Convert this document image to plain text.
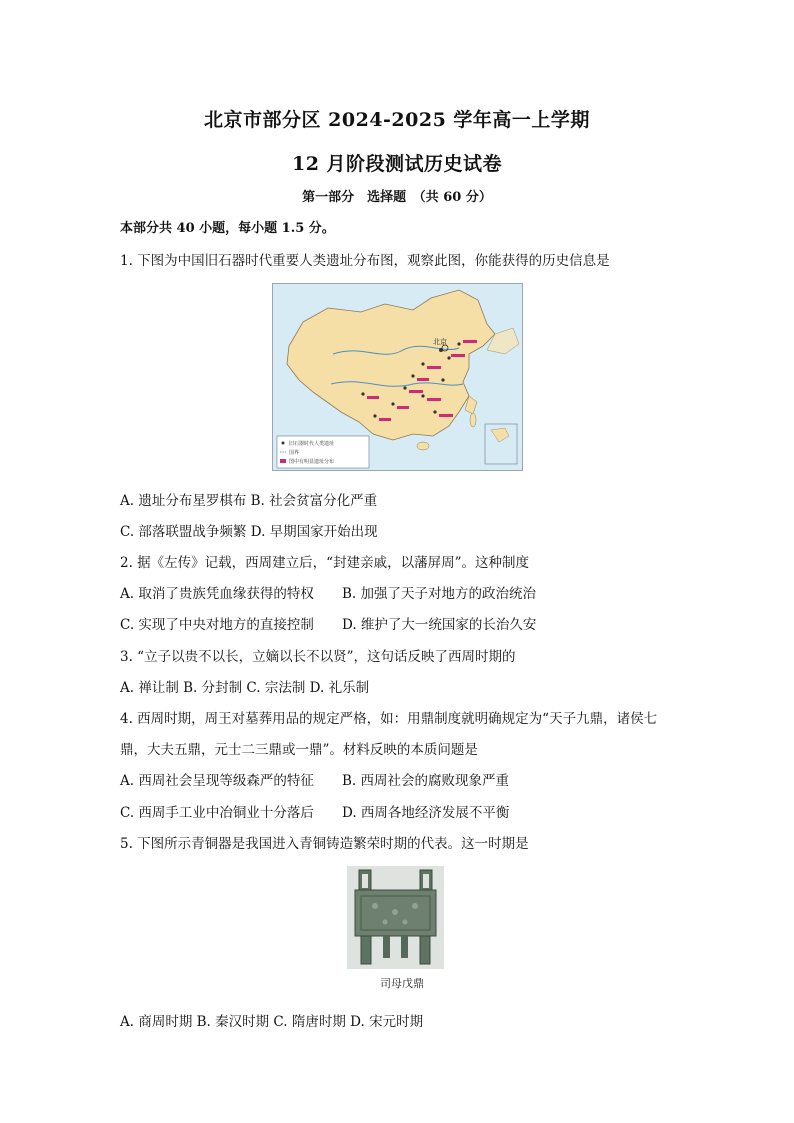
北京市部分区 2024-2025 学年高一上学期
12 月阶段测试历史试卷
第一部分　选择题　（共 60 分）
本部分共 40 小题，每小题 1.5 分。
1. 下图为中国旧石器时代重要人类遗址分布图，观察此图，你能获得的历史信息是
北京
旧石器时代人类遗址
国界
图中有明显遗址分布
A. 遗址分布星罗棋布 B. 社会贫富分化严重
C. 部落联盟战争频繁 D. 早期国家开始出现
2. 据《左传》记载，西周建立后，“封建亲戚，以藩屏周”。这种制度
A. 取消了贵族凭血缘获得的特权 B. 加强了天子对地方的政治统治
C. 实现了中央对地方的直接控制 D. 维护了大一统国家的长治久安
3. “立子以贵不以长，立嫡以长不以贤”，这句话反映了西周时期的
A. 禅让制 B. 分封制 C. 宗法制 D. 礼乐制
4. 西周时期，周王对墓葬用品的规定严格，如：用鼎制度就明确规定为“天子九鼎，诸侯七
鼎，大夫五鼎，元士二三鼎或一鼎”。材料反映的本质问题是
A. 西周社会呈现等级森严的特征 B. 西周社会的腐败现象严重
C. 西周手工业中冶铜业十分落后 D. 西周各地经济发展不平衡
5. 下图所示青铜器是我国进入青铜铸造繁荣时期的代表。这一时期是
司母戊鼎
A. 商周时期 B. 秦汉时期 C. 隋唐时期 D. 宋元时期
